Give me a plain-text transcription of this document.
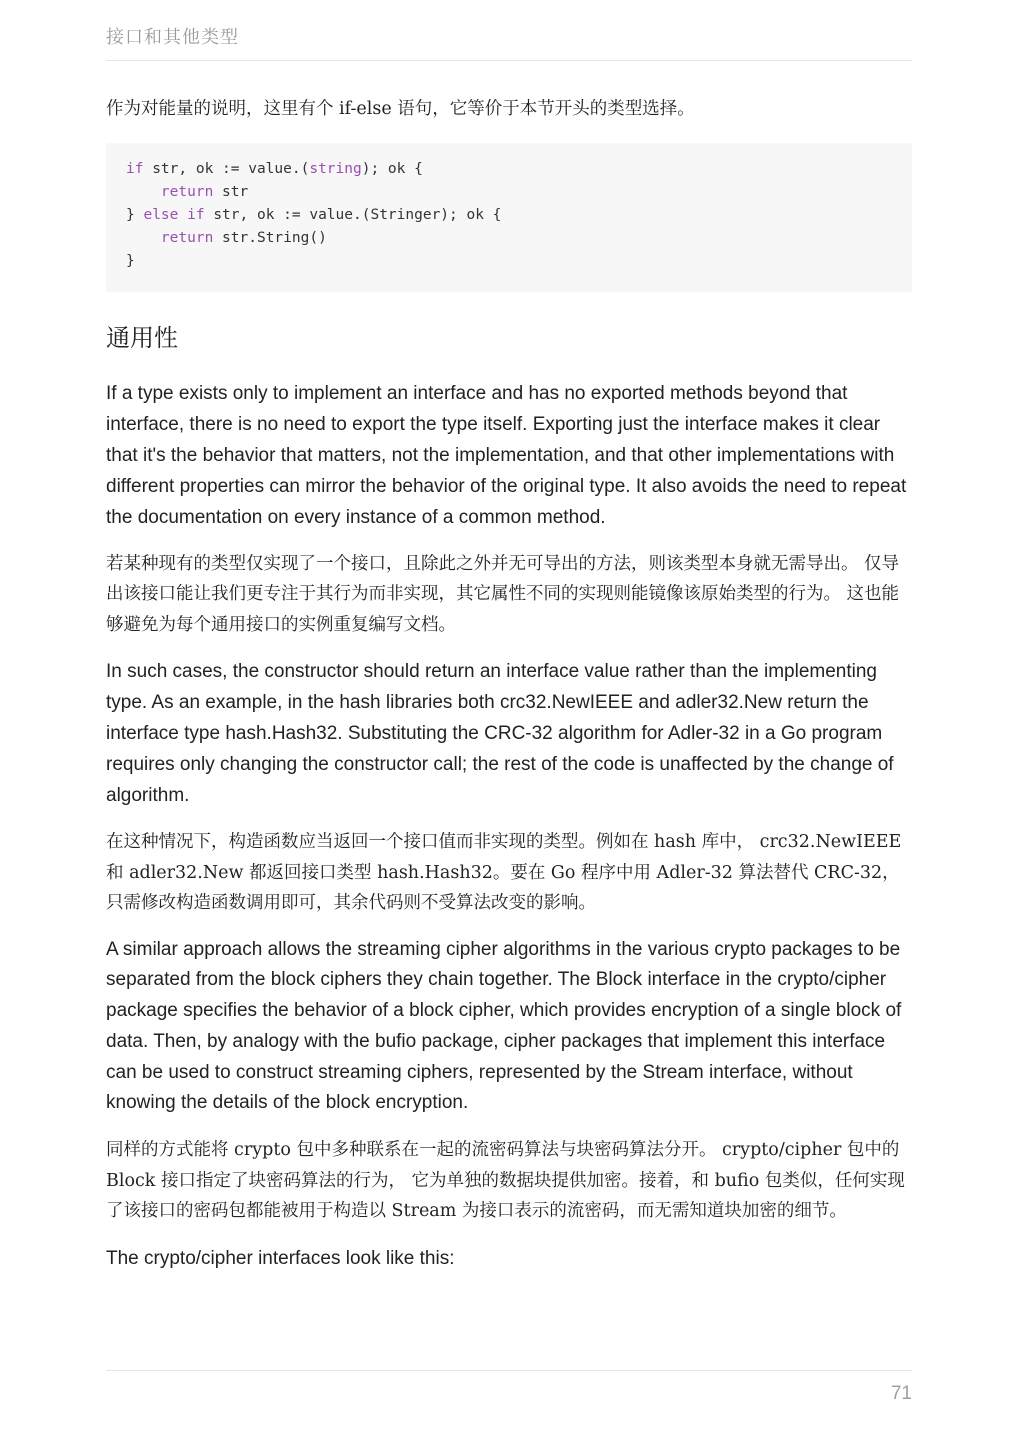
接口和其他类型

作为对能量的说明，这里有个 if-else 语句，它等价于本节开头的类型选择。

if str, ok := value.(string); ok {
return str
} else if str, ok := value.(Stringer); ok {
return str.String()
}
通用性

If a type exists only to implement an interface and has no exported methods beyond that interface, there is no need to export the type itself. Exporting just the interface makes it clear that it's the behavior that matters, not the implementation, and that other implementations with different properties can mirror the behavior of the original type. It also avoids the need to repeat the documentation on every instance of a common method.

若某种现有的类型仅实现了一个接口，且除此之外并无可导出的方法，则该类型本身就无需导出。 仅导出该接口能让我们更专注于其行为而非实现，其它属性不同的实现则能镜像该原始类型的行为。 这也能够避免为每个通用接口的实例重复编写文档。

In such cases, the constructor should return an interface value rather than the implementing type. As an example, in the hash libraries both crc32.NewIEEE and adler32.New return the interface type hash.Hash32. Substituting the CRC-32 algorithm for Adler-32 in a Go program requires only changing the constructor call; the rest of the code is unaffected by the change of algorithm.

在这种情况下，构造函数应当返回一个接口值而非实现的类型。例如在 hash 库中， crc32.NewIEEE 和 adler32.New 都返回接口类型 hash.Hash32。要在 Go 程序中用 Adler-32 算法替代 CRC-32， 只需修改构造函数调用即可，其余代码则不受算法改变的影响。

A similar approach allows the streaming cipher algorithms in the various crypto packages to be separated from the block ciphers they chain together. The Block interface in the crypto/cipher package specifies the behavior of a block cipher, which provides encryption of a single block of data. Then, by analogy with the bufio package, cipher packages that implement this interface can be used to construct streaming ciphers, represented by the Stream interface, without knowing the details of the block encryption.

同样的方式能将 crypto 包中多种联系在一起的流密码算法与块密码算法分开。 crypto/cipher 包中的 Block 接口指定了块密码算法的行为， 它为单独的数据块提供加密。接着，和 bufio 包类似，任何实现了该接口的密码包都能被用于构造以 Stream 为接口表示的流密码，而无需知道块加密的细节。

The crypto/cipher interfaces look like this:

71
